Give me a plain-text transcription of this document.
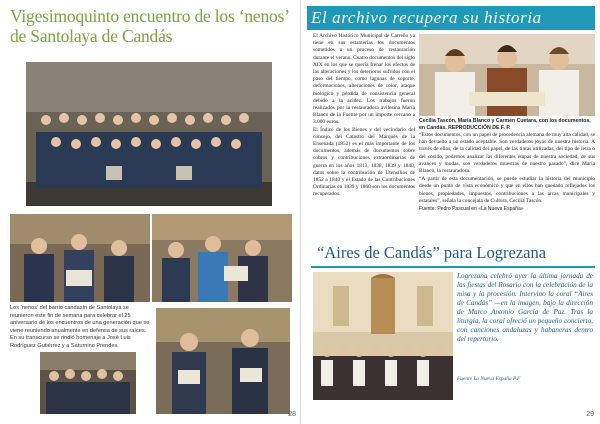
Vigesimoquinto encuentro de los ‘nenos’ de Santolaya de Candás
Los ‘nenos’ del barrio candasín de Santolaya se reunieron este fin de semana para celebrar el 25 aniversario de los encuentros de una generación que se viene reuniendo anualmente en defensa de sus raíces. En su transcurso se rindió homenaje a José Luis Rodríguez Gutiérrez y a Saturnino Prendes.
28
El archivo recupera su historia

El Archivo Histórico Municipal de Carreño ya tiene en sus estanterías los documentos sometidos a un proceso de restauración durante el verano. Cuatro documentos del siglo XIX en los que se quería frenar los efectos de las alteraciones y los deterioros sufridos con el paso del tiempo, como lagunas de soporte, deformaciones, alteraciones de color, ataque biológico y pérdida de consistencia general debido a la acidez. Los trabajos fueron realizados por la restauradora avilesina María Blanco de la Fuente por un importe cercano a 3.000 euros.

El Índice de los Bienes y del vecindario del concejo, del Catastro del Marqués de la Ensenada (1852) es el más importante de los documentos, además de documentos sobre cobros y contribuciones extraordinarias de guerra en los años 1813, 1838, 1839 y 1840, datos sobre la contribución de Utensilios de 1852 a 1840 y el Estado de las Contribuciones Ordinarias en 1839 y 1860 son los documentos recuperados.

Cecilia Tascón, María Blanco y Carmen Cuetara, con los documentos, en Candás. REPRODUCCIÓN DE F. P.

“Estos documentos, con un papel de procedencia alemana de muy alta calidad, se han devuelto a un estado aceptable. Son verdaderos joyas de nuestra historia. A través de ellos, de la calidad del papel, de las tintas utilizadas, del tipo de letra o del cosido, podemos analizar las diferentes etapas de nuestra sociedad, de sus avances y modas, son verdaderos muestras de nuestro pasado”, dice María Blanco, la restauradora.

“A partir de esta documentación, se puede estudiar la historia del municipio desde un punto de vista económico y que en ellos han quedado reflejados los bienes, propiedades, impuestos, contribuciones a las arcas municipales y estatales”, señala la concejala de Cultura, Cecilia Tascón.

Fuente: Pedro Pascual en «La Nueva España»

“Aires de Candás” para Logrezana
Logrezana celebró ayer la última jornada de las fiestas del Rosario con la celebración de la misa y la procesión. Intervino la coral “Aires de Candás” —en la imagen, bajo la dirección de Marco Antonio García de Paz. Tras la liturgia, la coral ofreció un pequeño concierto, con canciones andaluzas y habaneras dentro del repertorio.
Fuente La Nueva España P.F
29
